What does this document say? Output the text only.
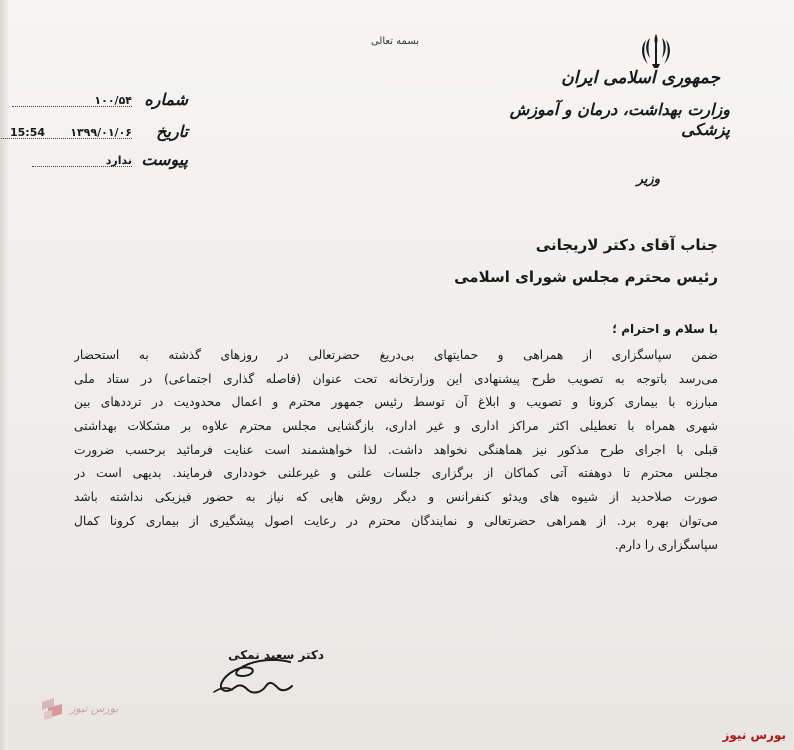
بسمه تعالی
جمهوری اسلامی ایران
وزارت بهداشت، درمان و آموزش پزشکی
وزیر
شماره
۱۰۰/۵۴
تاریخ
۱۳۹۹/۰۱/۰۶
پیوست
ندارد
15:54
جناب آقای دکتر لاریجانی
رئیس محترم مجلس شورای اسلامی
با سلام و احترام ؛
ضمن سپاسگزاری از همراهی و حمایتهای بی‌دریغ حضرتعالی در روزهای گذشته به استحضار
می‌رسد باتوجه به تصویب طرح پیشنهادی این وزارتخانه تحت عنوان (فاصله گذاری اجتماعی) در ستاد ملی
مبارزه با بیماری کرونا و تصویب و ابلاغ آن توسط رئیس جمهور محترم و اعمال محدودیت در ترددهای بین
شهری همراه با تعطیلی اکثر مراکز اداری و غیر اداری، بازگشایی مجلس محترم علاوه بر مشکلات بهداشتی
قبلی با اجرای طرح مذکور نیز هماهنگی نخواهد داشت. لذا خواهشمند است عنایت فرمائید برحسب ضرورت
مجلس محترم تا دوهفته آتی کماکان از برگزاری جلسات علنی و غیرعلنی خودداری فرمایند. بدیهی است در
صورت صلاحدید از شیوه های ویدئو کنفرانس و دیگر روش هایی که نیاز به حضور فیزیکی نداشته باشد
می‌توان بهره برد. از همراهی حضرتعالی و نمایندگان محترم در رعایت اصول پیشگیری از بیماری کرونا کمال
سپاسگزاری را دارم.
دکتر سعید نمکی
بورس نیوز
بورس نیوز
